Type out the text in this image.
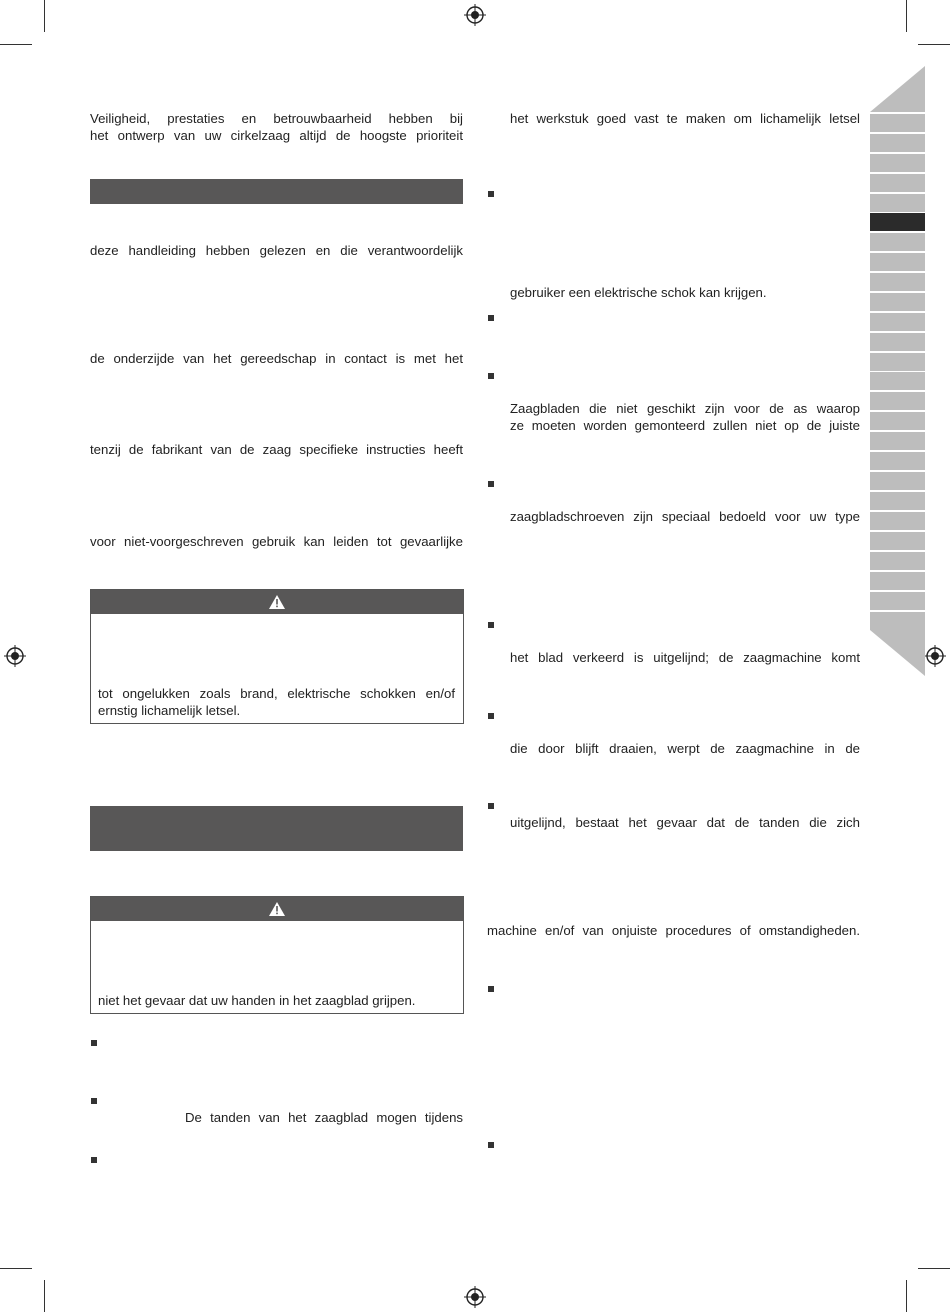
Veiligheid, prestaties en betrouwbaarheid hebben bij
het ontwerp van uw cirkelzaag altijd de hoogste prioriteit
deze handleiding hebben gelezen en die verantwoordelijk
de onderzijde van het gereedschap in contact is met het
tenzij de fabrikant van de zaag specifieke instructies heeft
voor niet-voorgeschreven gebruik kan leiden tot gevaarlijke
tot ongelukken zoals brand, elektrische schokken en/of
ernstig lichamelijk letsel.
niet het gevaar dat uw handen in het zaagblad grijpen.
De tanden van het zaagblad mogen tijdens
het werkstuk goed vast te maken om lichamelijk letsel
gebruiker een elektrische schok kan krijgen.
Zaagbladen die niet geschikt zijn voor de as waarop
ze moeten worden gemonteerd zullen niet op de juiste
zaagbladschroeven zijn speciaal bedoeld voor uw type
het blad verkeerd is uitgelijnd; de zaagmachine komt
die door blijft draaien, werpt de zaagmachine in de
uitgelijnd, bestaat het gevaar dat de tanden die zich
machine en/of van onjuiste procedures of omstandigheden.
